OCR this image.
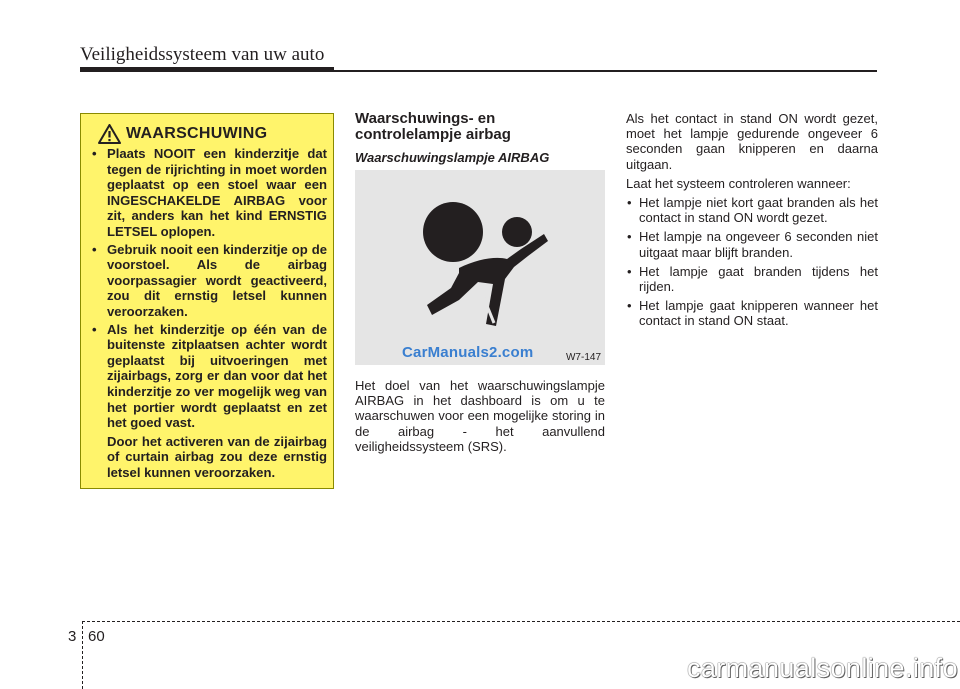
Veiligheidssysteem van uw auto
WAARSCHUWING
• Plaats NOOIT een kinderzitje dat tegen de rijrichting in moet worden geplaatst op een stoel waar een INGESCHAKELDE AIRBAG voor zit, anders kan het kind ERNSTIG LETSEL oplopen.
• Gebruik nooit een kinderzitje op de voorstoel. Als de airbag voorpassagier wordt geactiveerd, zou dit ernstig letsel kunnen veroorzaken.
• Als het kinderzitje op één van de buitenste zitplaatsen achter wordt geplaatst bij uitvoeringen met zijairbags, zorg er dan voor dat het kinderzitje zo ver mogelijk weg van het portier wordt geplaatst en zet het goed vast.
Door het activeren van de zijairbag of curtain airbag zou deze ernstig letsel kunnen veroorzaken.
Waarschuwings- en controlelampje airbag
Waarschuwingslampje AIRBAG
CarManuals2.com	W7-147
Het doel van het waarschuwingslampje AIRBAG in het dashboard is om u te waarschuwen voor een mogelijke storing in de airbag - het aanvullend veiligheidssysteem (SRS).
Als het contact in stand ON wordt gezet, moet het lampje gedurende ongeveer 6 seconden gaan knipperen en daarna uitgaan.
Laat het systeem controleren wanneer:
• Het lampje niet kort gaat branden als het contact in stand ON wordt gezet.
• Het lampje na ongeveer 6 seconden niet uitgaat maar blijft branden.
• Het lampje gaat branden tijdens het rijden.
• Het lampje gaat knipperen wanneer het contact in stand ON staat.
3 60
carmanualsonline.info
